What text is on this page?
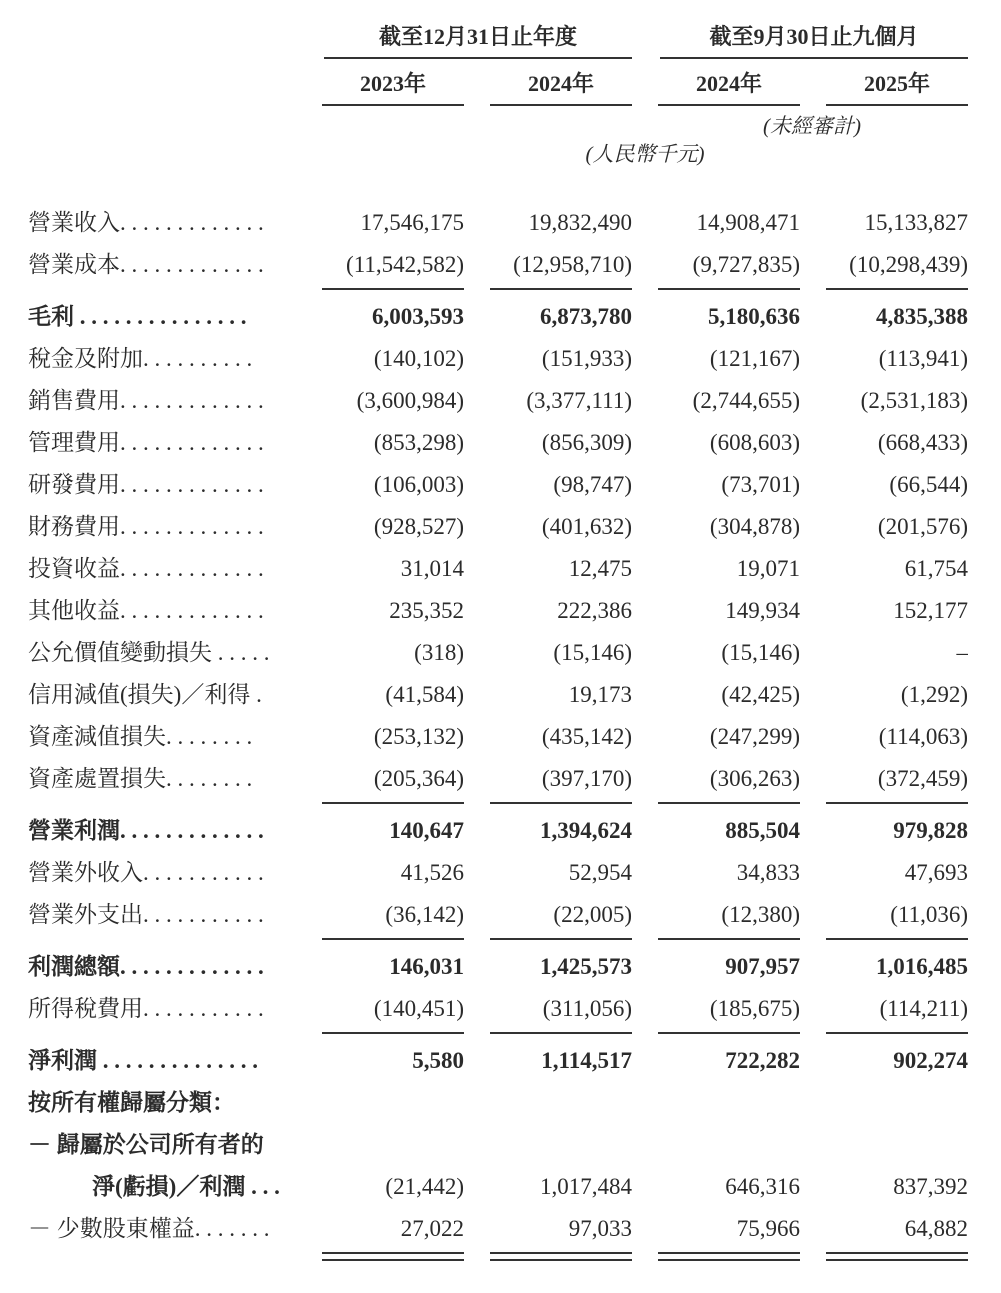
	截至12月31日止年度		截至9月30日止九個月	

	2023年	2024年	2024年	2025年

			(未經審計)	
	(人民幣千元)			

營業收入. . . . . . . . . . . . .	17,546,175	19,832,490	14,908,471	15,133,827
營業成本. . . . . . . . . . . . .	(11,542,582)	(12,958,710)	(9,727,835)	(10,298,439)

毛利 . . . . . . . . . . . . . . .	6,003,593	6,873,780	5,180,636	4,835,388
稅金及附加. . . . . . . . . .	(140,102)	(151,933)	(121,167)	(113,941)
銷售費用. . . . . . . . . . . . .	(3,600,984)	(3,377,111)	(2,744,655)	(2,531,183)
管理費用. . . . . . . . . . . . .	(853,298)	(856,309)	(608,603)	(668,433)
研發費用. . . . . . . . . . . . .	(106,003)	(98,747)	(73,701)	(66,544)
財務費用. . . . . . . . . . . . .	(928,527)	(401,632)	(304,878)	(201,576)
投資收益. . . . . . . . . . . . .	31,014	12,475	19,071	61,754
其他收益. . . . . . . . . . . . .	235,352	222,386	149,934	152,177
公允價值變動損失 . . . . .	(318)	(15,146)	(15,146)	–
信用減值(損失)／利得 .	(41,584)	19,173	(42,425)	(1,292)
資產減值損失. . . . . . . .	(253,132)	(435,142)	(247,299)	(114,063)
資產處置損失. . . . . . . .	(205,364)	(397,170)	(306,263)	(372,459)

營業利潤. . . . . . . . . . . . .	140,647	1,394,624	885,504	979,828
營業外收入. . . . . . . . . . .	41,526	52,954	34,833	47,693
營業外支出. . . . . . . . . . .	(36,142)	(22,005)	(12,380)	(11,036)

利潤總額. . . . . . . . . . . . .	146,031	1,425,573	907,957	1,016,485
所得稅費用. . . . . . . . . . .	(140,451)	(311,056)	(185,675)	(114,211)

淨利潤 . . . . . . . . . . . . . .	5,580	1,114,517	722,282	902,274
按所有權歸屬分類：				
－ 歸屬於公司所有者的				
淨(虧損)／利潤 . . .	(21,442)	1,017,484	646,316	837,392
－ 少數股東權益. . . . . . .	27,022	97,033	75,966	64,882
